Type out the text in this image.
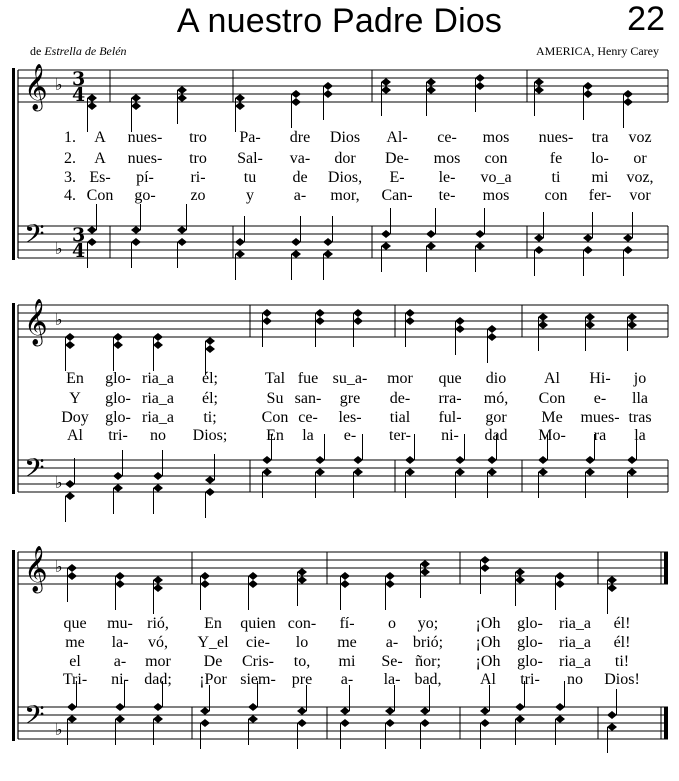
A nuestro Padre Dios	22
de Estrella de Belén	AMERICA, Henry Carey
𝄞
𝄢
♭
♭
3
4
3
4
1. A nues- tro Pa- dre Dios Al- ce- mos nues- tra voz
2. A nues- tro Sal- va- dor De- mos con	fe lo- or
3. Es- pí- ri- tu de Dios, E- le- vo_a	ti mi voz,
4. Con go- zo	y a- mor, Can- te- mos con fer- vor
𝄞
𝄢
♭
♭
En glo- ria_a él;	Tal fue su_a- mor que dio Al Hi- jo
Y glo- ria_a él;	Su san- gre de- rra- mó, Con e- lla
Doy glo- ria_a ti;	Con ce- les- tial ful- gor Me mues- tras
Al tri- no Dios; En la e- ter- ni- dad Mo- ra la
𝄞
𝄢
♭
♭
que mu- rió, En quien con- fí- o yo; ¡Oh glo- ria_a él!
me la- vó, Y_el cie- lo me a- brió; ¡Oh glo- ria_a él!
el a- mor De Cris- to, mi Se- ñor; ¡Oh glo- ria_a ti!
Tri- ni- dad; ¡Por siem- pre a- la- bad, Al tri- no Dios!
